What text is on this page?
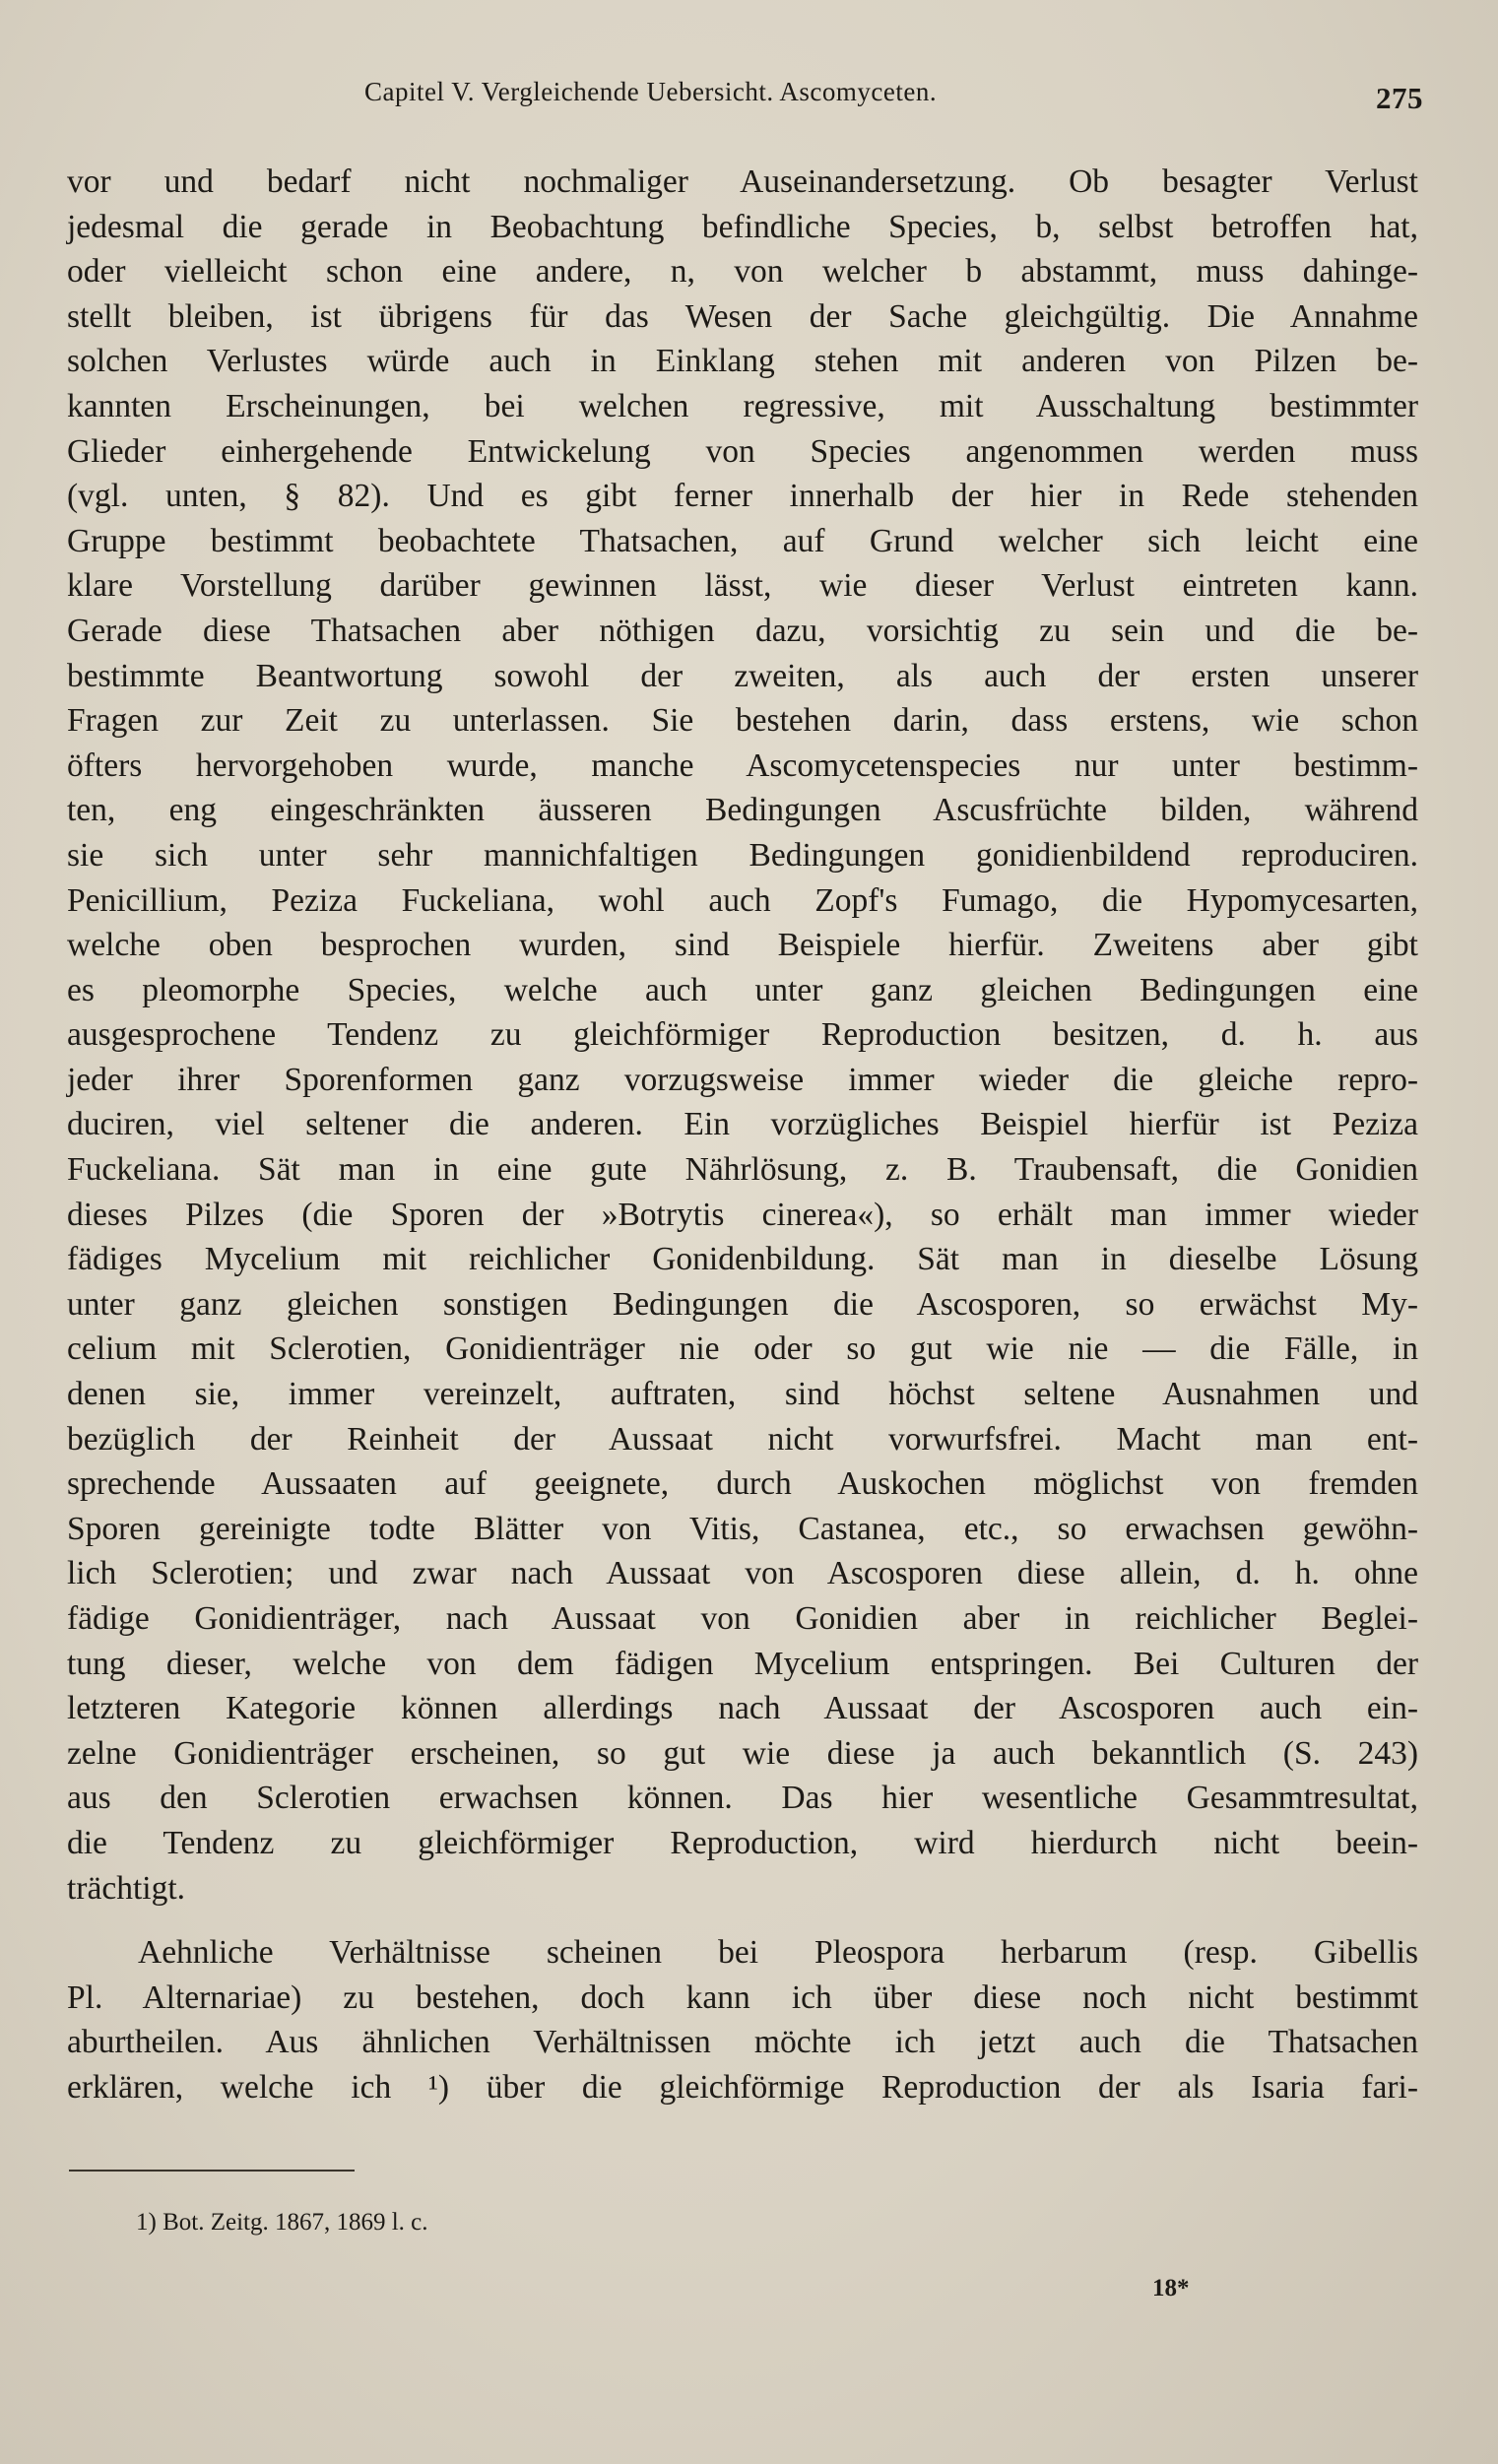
Capitel V. Vergleichende Uebersicht. Ascomyceten.	275
vor und bedarf nicht nochmaliger Auseinandersetzung. Ob besagter Verlust
jedesmal die gerade in Beobachtung befindliche Species, b, selbst betroffen hat,
oder vielleicht schon eine andere, n, von welcher b abstammt, muss dahinge-
stellt bleiben, ist übrigens für das Wesen der Sache gleichgültig. Die Annahme
solchen Verlustes würde auch in Einklang stehen mit anderen von Pilzen be-
kannten Erscheinungen, bei welchen regressive, mit Ausschaltung bestimmter
Glieder einhergehende Entwickelung von Species angenommen werden muss
(vgl. unten, § 82). Und es gibt ferner innerhalb der hier in Rede stehenden
Gruppe bestimmt beobachtete Thatsachen, auf Grund welcher sich leicht eine
klare Vorstellung darüber gewinnen lässt, wie dieser Verlust eintreten kann.
Gerade diese Thatsachen aber nöthigen dazu, vorsichtig zu sein und die be-
bestimmte Beantwortung sowohl der zweiten, als auch der ersten unserer
Fragen zur Zeit zu unterlassen. Sie bestehen darin, dass erstens, wie schon
öfters hervorgehoben wurde, manche Ascomycetenspecies nur unter bestimm-
ten, eng eingeschränkten äusseren Bedingungen Ascusfrüchte bilden, während
sie sich unter sehr mannichfaltigen Bedingungen gonidienbildend reproduciren.
Penicillium, Peziza Fuckeliana, wohl auch Zopf's Fumago, die Hypomycesarten,
welche oben besprochen wurden, sind Beispiele hierfür. Zweitens aber gibt
es pleomorphe Species, welche auch unter ganz gleichen Bedingungen eine
ausgesprochene Tendenz zu gleichförmiger Reproduction besitzen, d. h. aus
jeder ihrer Sporenformen ganz vorzugsweise immer wieder die gleiche repro-
duciren, viel seltener die anderen. Ein vorzügliches Beispiel hierfür ist Peziza
Fuckeliana. Sät man in eine gute Nährlösung, z. B. Traubensaft, die Gonidien
dieses Pilzes (die Sporen der »Botrytis cinerea«), so erhält man immer wieder
fädiges Mycelium mit reichlicher Gonidenbildung. Sät man in dieselbe Lösung
unter ganz gleichen sonstigen Bedingungen die Ascosporen, so erwächst My-
celium mit Sclerotien, Gonidienträger nie oder so gut wie nie — die Fälle, in
denen sie, immer vereinzelt, auftraten, sind höchst seltene Ausnahmen und
bezüglich der Reinheit der Aussaat nicht vorwurfsfrei. Macht man ent-
sprechende Aussaaten auf geeignete, durch Auskochen möglichst von fremden
Sporen gereinigte todte Blätter von Vitis, Castanea, etc., so erwachsen gewöhn-
lich Sclerotien; und zwar nach Aussaat von Ascosporen diese allein, d. h. ohne
fädige Gonidienträger, nach Aussaat von Gonidien aber in reichlicher Beglei-
tung dieser, welche von dem fädigen Mycelium entspringen. Bei Culturen der
letzteren Kategorie können allerdings nach Aussaat der Ascosporen auch ein-
zelne Gonidienträger erscheinen, so gut wie diese ja auch bekanntlich (S. 243)
aus den Sclerotien erwachsen können. Das hier wesentliche Gesammtresultat,
die Tendenz zu gleichförmiger Reproduction, wird hierdurch nicht beein-
trächtigt.
Aehnliche Verhältnisse scheinen bei Pleospora herbarum (resp. Gibellis
Pl. Alternariae) zu bestehen, doch kann ich über diese noch nicht bestimmt
aburtheilen. Aus ähnlichen Verhältnissen möchte ich jetzt auch die Thatsachen
erklären, welche ich ¹) über die gleichförmige Reproduction der als Isaria fari-
1) Bot. Zeitg. 1867, 1869 l. c.
18*
